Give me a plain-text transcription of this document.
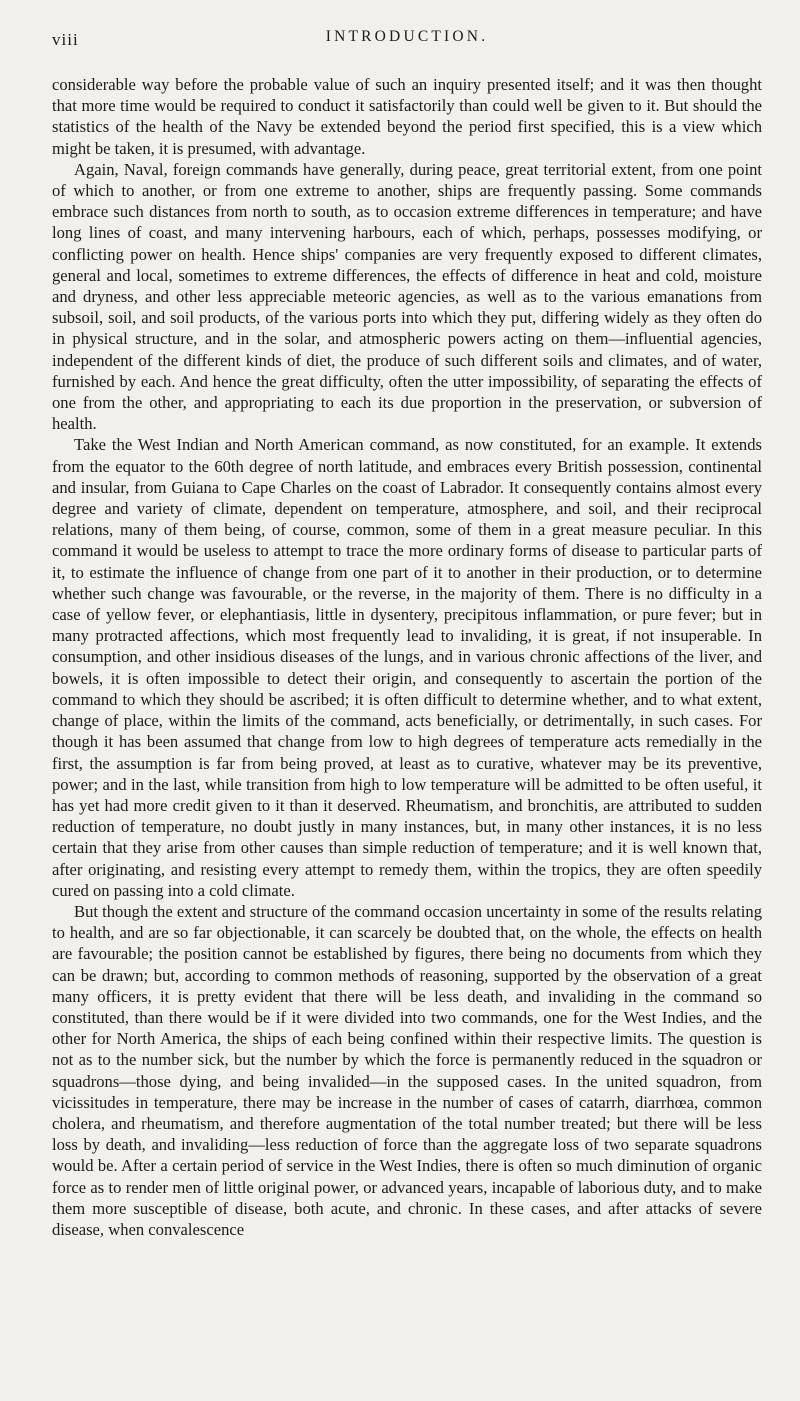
viii	INTRODUCTION.

considerable way before the probable value of such an inquiry presented itself; and it was then thought that more time would be required to conduct it satisfactorily than could well be given to it. But should the statistics of the health of the Navy be extended beyond the period first specified, this is a view which might be taken, it is presumed, with advantage.

Again, Naval, foreign commands have generally, during peace, great territorial extent, from one point of which to another, or from one extreme to another, ships are frequently passing. Some commands embrace such distances from north to south, as to occasion extreme differences in temperature; and have long lines of coast, and many intervening harbours, each of which, perhaps, possesses modifying, or conflicting power on health. Hence ships' companies are very frequently exposed to different climates, general and local, sometimes to extreme differences, the effects of difference in heat and cold, moisture and dryness, and other less appreciable meteoric agencies, as well as to the various emanations from subsoil, soil, and soil products, of the various ports into which they put, differing widely as they often do in physical structure, and in the solar, and atmospheric powers acting on them—influential agencies, independent of the different kinds of diet, the produce of such different soils and climates, and of water, furnished by each. And hence the great difficulty, often the utter impossibility, of separating the effects of one from the other, and appropriating to each its due proportion in the preservation, or subversion of health.

Take the West Indian and North American command, as now constituted, for an example. It extends from the equator to the 60th degree of north latitude, and embraces every British possession, continental and insular, from Guiana to Cape Charles on the coast of Labrador. It consequently contains almost every degree and variety of climate, dependent on temperature, atmosphere, and soil, and their reciprocal relations, many of them being, of course, common, some of them in a great measure peculiar. In this command it would be useless to attempt to trace the more ordinary forms of disease to particular parts of it, to estimate the influence of change from one part of it to another in their production, or to determine whether such change was favourable, or the reverse, in the majority of them. There is no difficulty in a case of yellow fever, or elephantiasis, little in dysentery, precipitous inflammation, or pure fever; but in many protracted affections, which most frequently lead to invaliding, it is great, if not insuperable. In consumption, and other insidious diseases of the lungs, and in various chronic affections of the liver, and bowels, it is often impossible to detect their origin, and consequently to ascertain the portion of the command to which they should be ascribed; it is often difficult to determine whether, and to what extent, change of place, within the limits of the command, acts beneficially, or detrimentally, in such cases. For though it has been assumed that change from low to high degrees of temperature acts remedially in the first, the assumption is far from being proved, at least as to curative, whatever may be its preventive, power; and in the last, while transition from high to low temperature will be admitted to be often useful, it has yet had more credit given to it than it deserved. Rheumatism, and bronchitis, are attributed to sudden reduction of temperature, no doubt justly in many instances, but, in many other instances, it is no less certain that they arise from other causes than simple reduction of temperature; and it is well known that, after originating, and resisting every attempt to remedy them, within the tropics, they are often speedily cured on passing into a cold climate.

But though the extent and structure of the command occasion uncertainty in some of the results relating to health, and are so far objectionable, it can scarcely be doubted that, on the whole, the effects on health are favourable; the position cannot be established by figures, there being no documents from which they can be drawn; but, according to common methods of reasoning, supported by the observation of a great many officers, it is pretty evident that there will be less death, and invaliding in the command so constituted, than there would be if it were divided into two commands, one for the West Indies, and the other for North America, the ships of each being confined within their respective limits. The question is not as to the number sick, but the number by which the force is permanently reduced in the squadron or squadrons—those dying, and being invalided—in the supposed cases. In the united squadron, from vicissitudes in temperature, there may be increase in the number of cases of catarrh, diarrhœa, common cholera, and rheumatism, and therefore augmentation of the total number treated; but there will be less loss by death, and invaliding—less reduction of force than the aggregate loss of two separate squadrons would be. After a certain period of service in the West Indies, there is often so much diminution of organic force as to render men of little original power, or advanced years, incapable of laborious duty, and to make them more susceptible of disease, both acute, and chronic. In these cases, and after attacks of severe disease, when convalescence
